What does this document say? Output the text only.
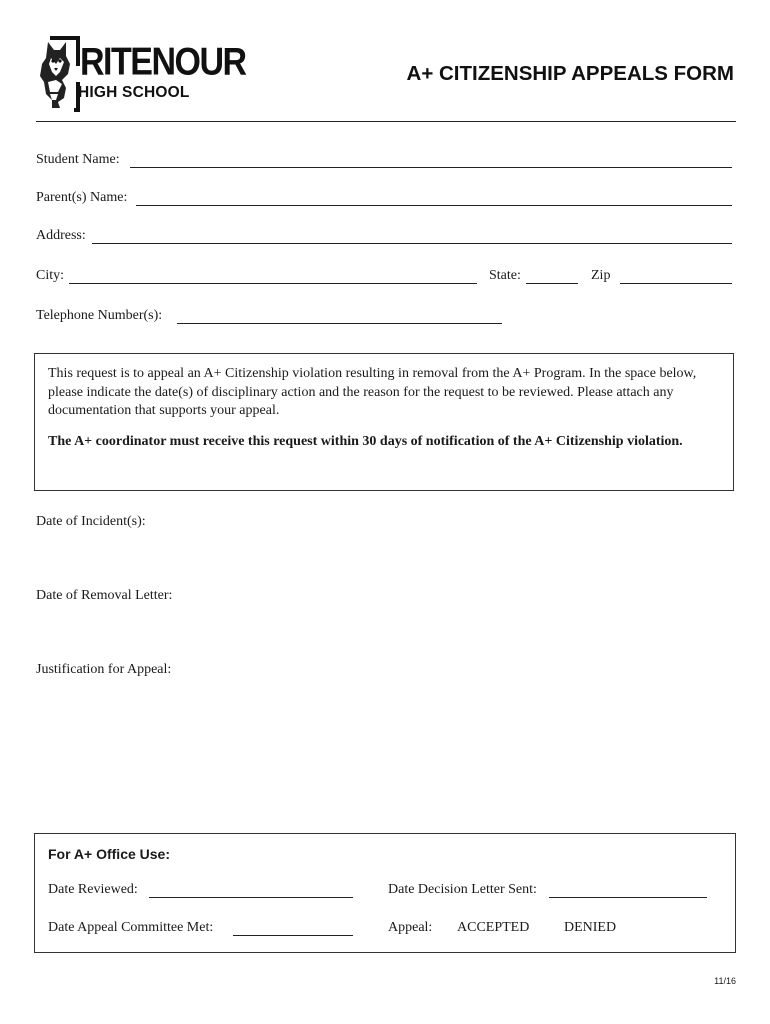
RITENOUR
HIGH SCHOOL
A+ CITIZENSHIP APPEALS FORM
Student Name:
Parent(s) Name:
Address:
City:	State:	Zip
Telephone Number(s):

This request is to appeal an A+ Citizenship violation resulting in removal from the A+ Program. In the space below, please indicate the date(s) of disciplinary action and the reason for the request to be reviewed. Please attach any documentation that supports your appeal.

The A+ coordinator must receive this request within 30 days of notification of the A+ Citizenship violation.

Date of Incident(s):
Date of Removal Letter:
Justification for Appeal:
For A+ Office Use:
Date Reviewed:	Date Decision Letter Sent:
Date Appeal Committee Met:	Appeal: ACCEPTED DENIED
11/16
